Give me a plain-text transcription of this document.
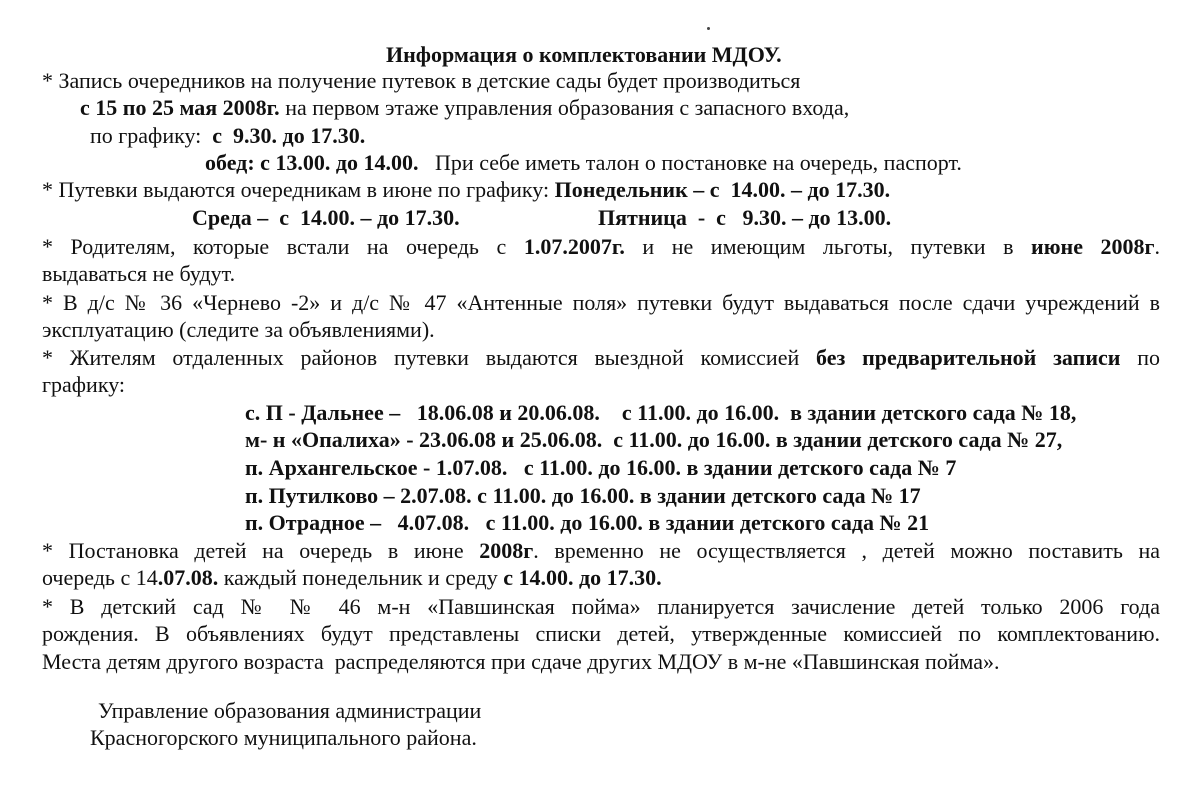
Информация о комплектовании МДОУ.
* Запись очередников на получение путевок в детские сады будет производиться
с 15 по 25 мая 2008г. на первом этаже управления образования с запасного входа,
по графику:  с  9.30. до 17.30.
обед: с 13.00. до 14.00.   При себе иметь талон о постановке на очередь, паспорт.
* Путевки выдаются очередникам в июне по графику: Понедельник – с  14.00. – до 17.30.
Среда –  с  14.00. – до 17.30.	Пятница  -  с   9.30. – до 13.00.
* Родителям, которые встали на очередь с 1.07.2007г. и не имеющим льготы, путевки в июне 2008г.
выдаваться не будут.
* В д/с № 36 «Чернево -2» и д/с № 47 «Антенные поля» путевки будут выдаваться после сдачи учреждений в
эксплуатацию (следите за объявлениями).
* Жителям отдаленных районов путевки выдаются выездной комиссией без предварительной записи по
графику:
с. П - Дальнее –   18.06.08 и 20.06.08.    с 11.00. до 16.00.  в здании детского сада № 18,
м- н «Опалиха» - 23.06.08 и 25.06.08.  с 11.00. до 16.00. в здании детского сада № 27,
п. Архангельское - 1.07.08.   с 11.00. до 16.00. в здании детского сада № 7
п. Путилково – 2.07.08. с 11.00. до 16.00. в здании детского сада № 17
п. Отрадное –   4.07.08.   с 11.00. до 16.00. в здании детского сада № 21
* Постановка детей на очередь в июне 2008г. временно не осуществляется , детей можно поставить на
очередь с 14.07.08. каждый понедельник и среду с 14.00. до 17.30.
* В детский сад № № 46 м-н «Павшинская пойма» планируется зачисление детей только 2006 года
рождения. В объявлениях будут представлены списки детей, утвержденные комиссией по комплектованию.
Места детям другого возраста  распределяются при сдаче других МДОУ в м-не «Павшинская пойма».
Управление образования администрации
Красногорского муниципального района.
